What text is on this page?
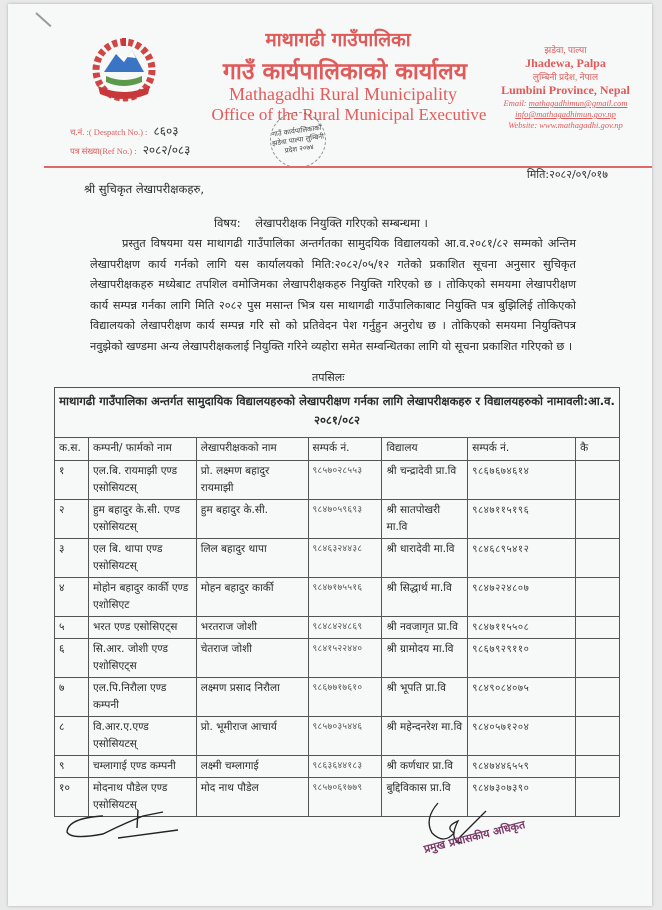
माथागढी गाउँपालिका
गाउँ कार्यपालिकाको कार्यालय
Mathagadhi Rural Municipality
Office of the Rural Municipal Executive
झडेवा, पाल्पा
Jhadewa, Palpa
लुम्बिनी प्रदेश, नेपाल
Lumbini Province, Nepal
Email: mathagadhimun@gmail.com
info@mathagadhimun.gov.np
Website: www.mathagadhi.gov.np
च.नं. :( Despatch No.) : ८६०३
पत्र संख्या(Ref No.) : २०८२/०८३
गाउँ कार्यपालिकाको झडेवा पाल्पा लुम्बिनी प्रदेश २०७४
मिति:२०८२/०९/०१७
श्री सुचिकृत लेखापरीक्षकहरु,
विषय: लेखापरीक्षक नियुक्ति गरिएको सम्बन्धमा ।
प्रस्तुत विषयमा यस माथागढी गाउँपालिका अन्तर्गतका सामुदयिक विद्यालयको आ.व.२०८१/८२ सम्मको अन्तिम लेखापरीक्षण कार्य गर्नको लागि यस कार्यालयको मिति:२०८२/०५/१२ गतेको प्रकाशित सूचना अनुसार सुचिकृत लेखापरीक्षकहरु मध्येबाट तपशिल वमोजिमका लेखापरीक्षकहरु नियुक्ति गरिएको छ । तोकिएको समयमा लेखापरीक्षण कार्य सम्पन्न गर्नका लागि मिति २०८२ पुस मसान्त भित्र यस माथागढी गाउँपालिकाबाट नियुक्ति पत्र बुझिलिई तोकिएको विद्यालयको लेखापरीक्षण कार्य सम्पन्न गरि सो को प्रतिवेदन पेश गर्नुहुन अनुरोध छ । तोकिएको समयमा नियुक्तिपत्र नवुझेको खण्डमा अन्य लेखापरीक्षकलाई नियुक्ति गरिने व्यहोरा समेत सम्वन्धितका लागि यो सूचना प्रकाशित गरिएको छ ।
तपसिलः
माथागढी गाउँपालिका अन्तर्गत सामुदायिक विद्यालयहरुको लेखापरीक्षण गर्नका लागि लेखापरीक्षकहरु र विद्यालयहरुको नामावली:आ.व. २०८१/०८२
क.स.	कम्पनी/ फार्मको नाम	लेखापरीक्षकको नाम	सम्पर्क नं.	विद्यालय	सम्पर्क नं.	कै
१	एल.बि. रायमाझी एण्ड एसोसियटस्	प्रो. लक्ष्मण बहादुर रायमाझी	९८५७०२८५५३	श्री चन्द्रादेवी प्रा.वि	९८६७६७४६१४	
२	हुम बहादुर के.सी. एण्ड एसोसियटस्	हुम बहादुर के.सी.	९८४७०५९६९३	श्री सातपोखरी मा.वि	९८४७११५१९६	
३	एल बि. थापा एण्ड एसोसियटस्	लिल बहादुर थापा	९८४६३२४४३८	श्री धारादेवी मा.वि	९८४६८९५४१२	
४	मोहोन बहादुर कार्की एण्ड एशोसिएट	मोहन बहादुर कार्की	९८४७१७५५१६	श्री सिद्धार्थ मा.वि	९८४७२२४८०७	
५	भरत एण्ड एसोसिएट्स	भरतराज जोशी	९८४८४२४८६९	श्री नवजागृत प्रा.वि	९८४७११५५०८	
६	सि.आर. जोशी एण्ड एशोसिएट्स	चेतराज जोशी	९८४१५२२४४०	श्री ग्रामोदय मा.वि	९८६७९२९११०	
७	एल.पि.निरौला एण्ड कम्पनी	लक्ष्मण प्रसाद निरौला	९८६७७१७६१०	श्री भूपति प्रा.वि	९८४९०८४०७५	
८	वि.आर.ए.एण्ड एसोसियटस्	प्रो. भूमीराज आचार्य	९८५७०३५४४६	श्री महेन्दनरेश मा.वि	९८४०५७१२०४	
९	चम्लागाई एण्ड कम्पनी	लक्ष्मी चम्लागाई	९८६३६४४१८३	श्री कर्णधार प्रा.वि	९८४७४४६५५९	
१०	मोदनाथ पौडेल एण्ड एसोसियटस्	मोद नाथ पौडेल	९८५७०६१७७९	बुद्दिविकास प्रा.वि	९८४७३०७३९०	
प्रमुख प्रशासकीय अधिकृत
